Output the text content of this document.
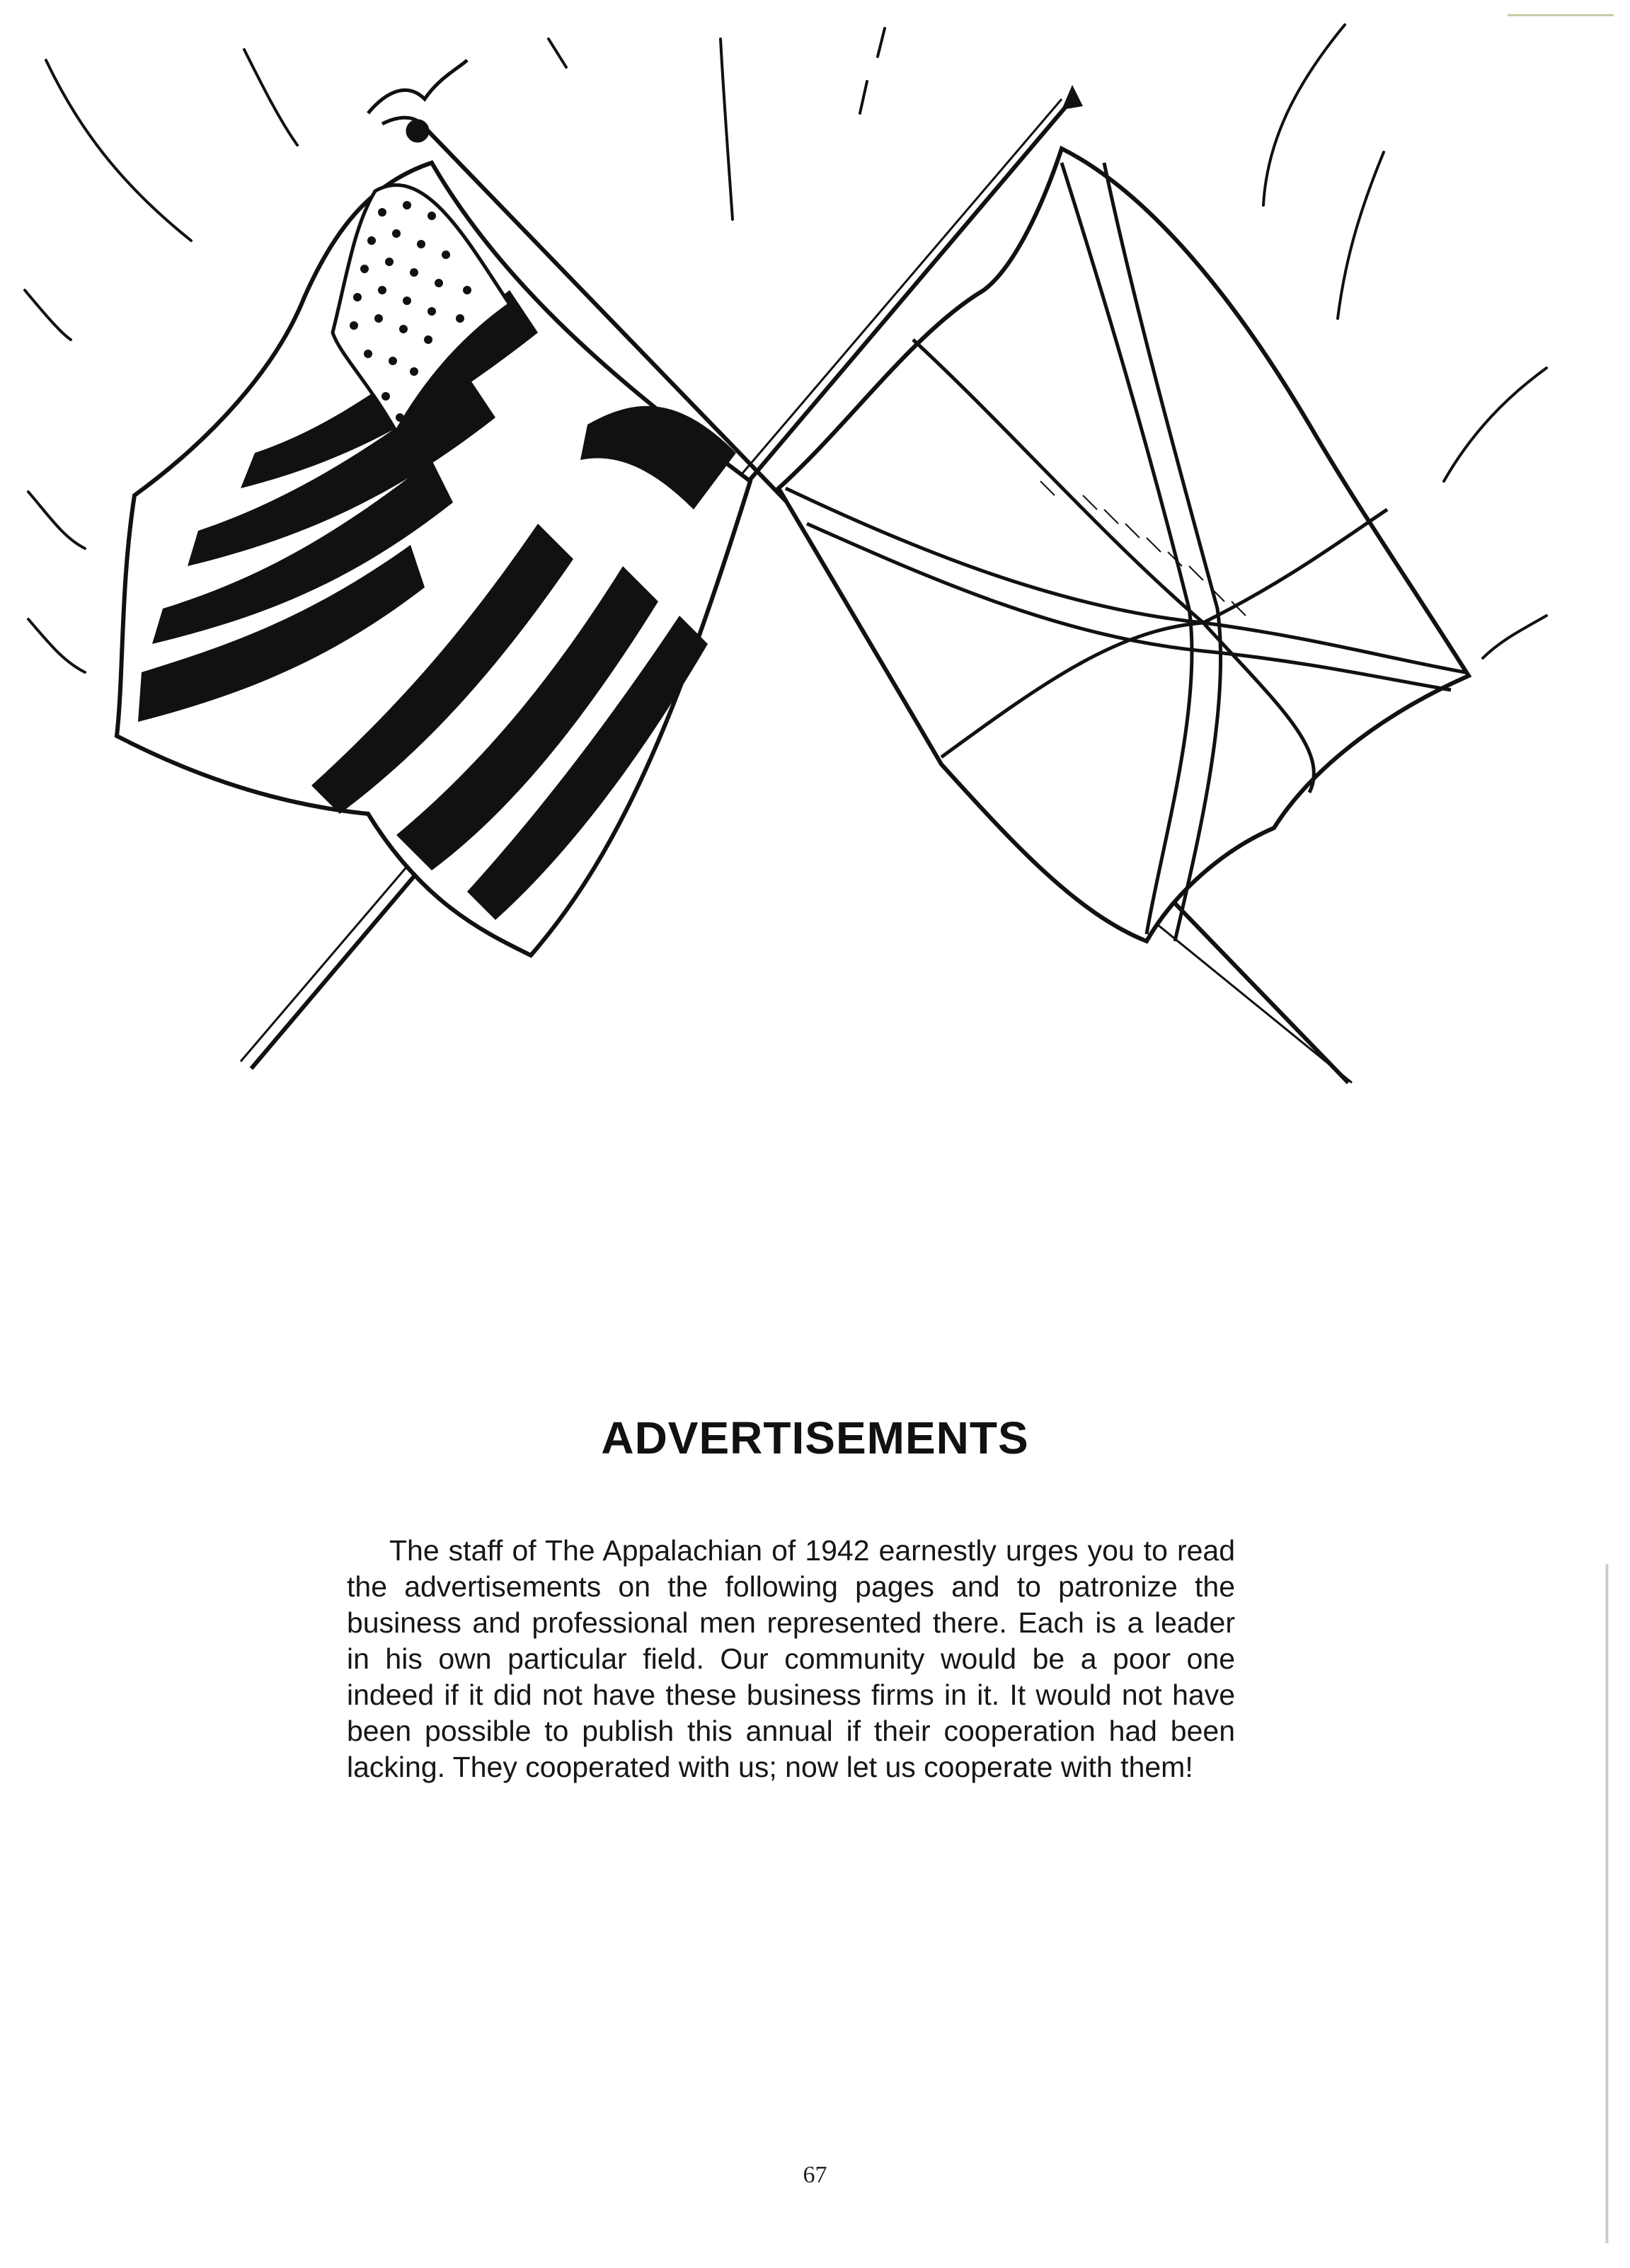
ADVERTISEMENTS

The staff of The Appalachian of 1942 earnestly urges you to read the advertisements on the following pages and to patronize the business and professional men represented there. Each is a leader in his own particular field. Our community would be a poor one indeed if it did not have these business firms in it. It would not have been possible to publish this annual if their cooperation had been lacking. They cooperated with us; now let us cooperate with them!

67
